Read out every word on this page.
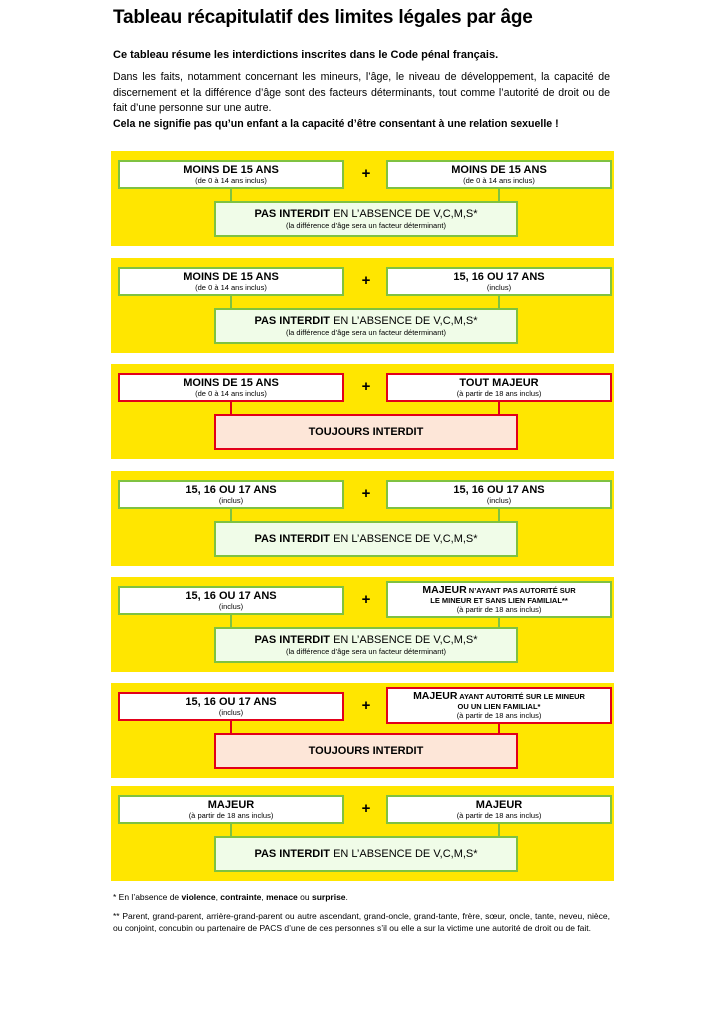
Tableau récapitulatif des limites légales par âge
Ce tableau résume les interdictions inscrites dans le Code pénal français.
Dans les faits, notamment concernant les mineurs, l’âge, le niveau de développement, la capacité de discernement et la différence d’âge sont des facteurs déterminants, tout comme l’autorité de droit ou de fait d’une personne sur une autre.
Cela ne signifie pas qu’un enfant a la capacité d’être consentant à une relation sexuelle !
MOINS DE 15 ANS
(de 0 à 14 ans inclus)	+	MOINS DE 15 ANS
(de 0 à 14 ans inclus)
PAS INTERDIT EN L’ABSENCE DE V,C,M,S*
(la différence d’âge sera un facteur déterminant)
MOINS DE 15 ANS
(de 0 à 14 ans inclus)	+	15, 16 OU 17 ANS
(inclus)
PAS INTERDIT EN L’ABSENCE DE V,C,M,S*
(la différence d’âge sera un facteur déterminant)
MOINS DE 15 ANS
(de 0 à 14 ans inclus)	+	TOUT MAJEUR
(à partir de 18 ans inclus)
TOUJOURS INTERDIT
15, 16 OU 17 ANS
(inclus)	+	15, 16 OU 17 ANS
(inclus)
PAS INTERDIT EN L’ABSENCE DE V,C,M,S*
15, 16 OU 17 ANS
(inclus)	+
MAJEUR N’AYANT PAS AUTORITÉ SUR
LE MINEUR ET SANS LIEN FAMILIAL**
(à partir de 18 ans inclus)
PAS INTERDIT EN L’ABSENCE DE V,C,M,S*
(la différence d’âge sera un facteur déterminant)
15, 16 OU 17 ANS
(inclus)	+
MAJEUR AYANT AUTORITÉ SUR LE MINEUR
OU UN LIEN FAMILIAL*
(à partir de 18 ans inclus)
TOUJOURS INTERDIT
MAJEUR
(à partir de 18 ans inclus)	+	MAJEUR
(à partir de 18 ans inclus)
PAS INTERDIT EN L’ABSENCE DE V,C,M,S*
* En l’absence de violence, contrainte, menace ou surprise.
** Parent, grand-parent, arrière-grand-parent ou autre ascendant, grand-oncle, grand-tante, frère, sœur, oncle, tante, neveu, nièce, ou conjoint, concubin ou partenaire de PACS d’une de ces personnes s’il ou elle a sur la victime une autorité de droit ou de fait.
